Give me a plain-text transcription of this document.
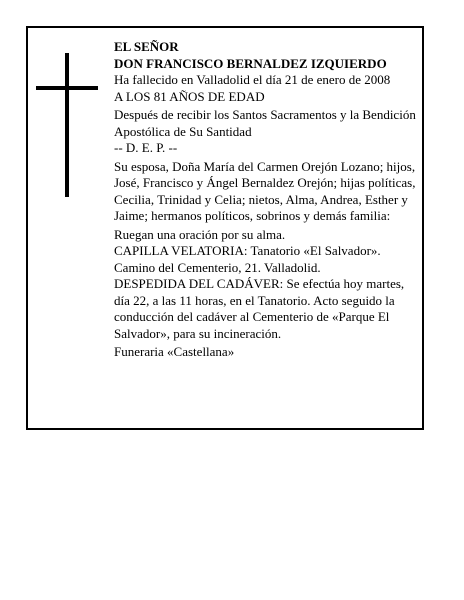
EL SEÑOR

DON FRANCISCO BERNALDEZ IZQUIERDO

Ha fallecido en Valladolid el día 21 de enero de 2008

A LOS 81 AÑOS DE EDAD

Después de recibir los Santos Sacramentos y la Bendición Apostólica de Su Santidad

-- D. E. P. --

Su esposa, Doña María del Carmen Orejón Lozano; hijos, José, Francisco y Ángel Bernaldez Orejón; hijas políticas, Cecilia, Trinidad y Celia; nietos, Alma, Andrea, Esther y Jaime; hermanos políticos, sobrinos y demás familia:

Ruegan una oración por su alma.

CAPILLA VELATORIA: Tanatorio «El Salvador». Camino del Cementerio, 21. Valladolid.

DESPEDIDA DEL CADÁVER: Se efectúa hoy martes, día 22, a las 11 horas, en el Tanatorio. Acto seguido la conducción del cadáver al Cementerio de «Parque El Salvador», para su incineración.

Funeraria «Castellana»
